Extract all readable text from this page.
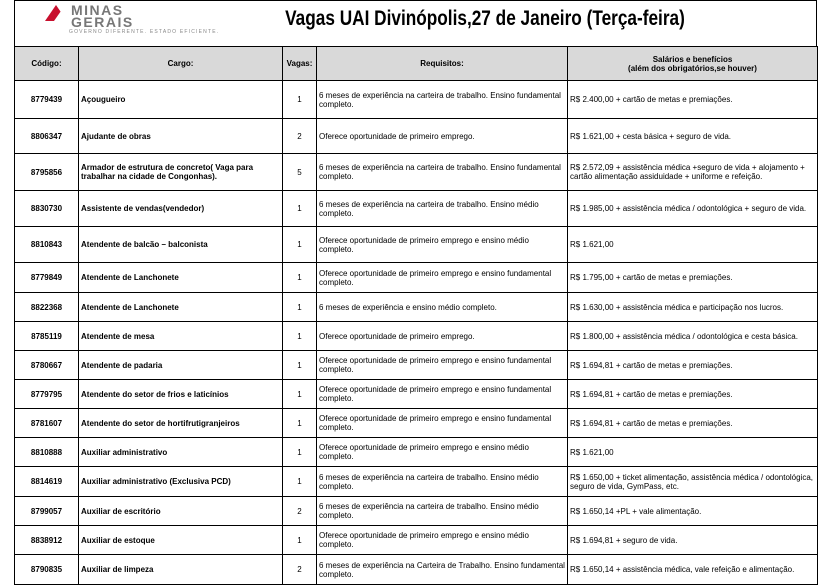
MINAS
GERAIS
GOVERNO DIFERENTE. ESTADO EFICIENTE.
Vagas UAI Divinópolis,27 de Janeiro (Terça-feira)
Código:	Cargo:	Vagas:	Requisitos:	Salários e benefícios
(além dos obrigatórios,se houver)

8779439	Açougueiro	1	6 meses de experiência na carteira de trabalho. Ensino fundamental completo.	R$ 2.400,00 + cartão de metas e premiações.
8806347	Ajudante de obras	2	Oferece oportunidade de primeiro emprego.	R$ 1.621,00 + cesta básica + seguro de vida.
8795856	Armador de estrutura de concreto( Vaga para trabalhar na cidade de Congonhas).	5	6 meses de experiência na carteira de trabalho. Ensino fundamental completo.	R$ 2.572,09 + assistência médica +seguro de vida + alojamento + cartão alimentação assiduidade + uniforme e refeição.
8830730	Assistente de vendas(vendedor)	1	6 meses de experiência na carteira de trabalho. Ensino médio completo.	R$ 1.985,00 + assistência médica / odontológica + seguro de vida.
8810843	Atendente de balcão – balconista	1	Oferece oportunidade de primeiro emprego e ensino médio completo.	R$ 1.621,00
8779849	Atendente de Lanchonete	1	Oferece oportunidade de primeiro emprego e ensino fundamental completo.	R$ 1.795,00 + cartão de metas e premiações.
8822368	Atendente de Lanchonete	1	6 meses de experiência e ensino médio completo.	R$ 1.630,00 + assistência médica e participação nos lucros.
8785119	Atendente de mesa	1	Oferece oportunidade de primeiro emprego.	R$ 1.800,00 + assistência médica / odontológica e cesta básica.
8780667	Atendente de padaria	1	Oferece oportunidade de primeiro emprego e ensino fundamental completo.	R$ 1.694,81 + cartão de metas e premiações.
8779795	Atendente do setor de frios e laticínios	1	Oferece oportunidade de primeiro emprego e ensino fundamental completo.	R$ 1.694,81 + cartão de metas e premiações.
8781607	Atendente do setor de hortifrutigranjeiros	1	Oferece oportunidade de primeiro emprego e ensino fundamental completo.	R$ 1.694,81 + cartão de metas e premiações.
8810888	Auxiliar administrativo	1	Oferece oportunidade de primeiro emprego e ensino médio completo.	R$ 1.621,00
8814619	Auxiliar administrativo (Exclusiva PCD)	1	6 meses de experiência na carteira de trabalho. Ensino médio completo.	R$ 1.650,00 + ticket alimentação, assistência médica / odontológica, seguro de vida, GymPass, etc.
8799057	Auxiliar de escritório	2	6 meses de experiência na carteira de trabalho. Ensino médio completo.	R$ 1.650,14 +PL + vale alimentação.
8838912	Auxiliar de estoque	1	Oferece oportunidade de primeiro emprego e ensino médio completo.	R$ 1.694,81 + seguro de vida.
8790835	Auxiliar de limpeza	2	6 meses de experiência na Carteira de Trabalho. Ensino fundamental completo.	R$ 1.650,14 + assistência médica, vale refeição e alimentação.
